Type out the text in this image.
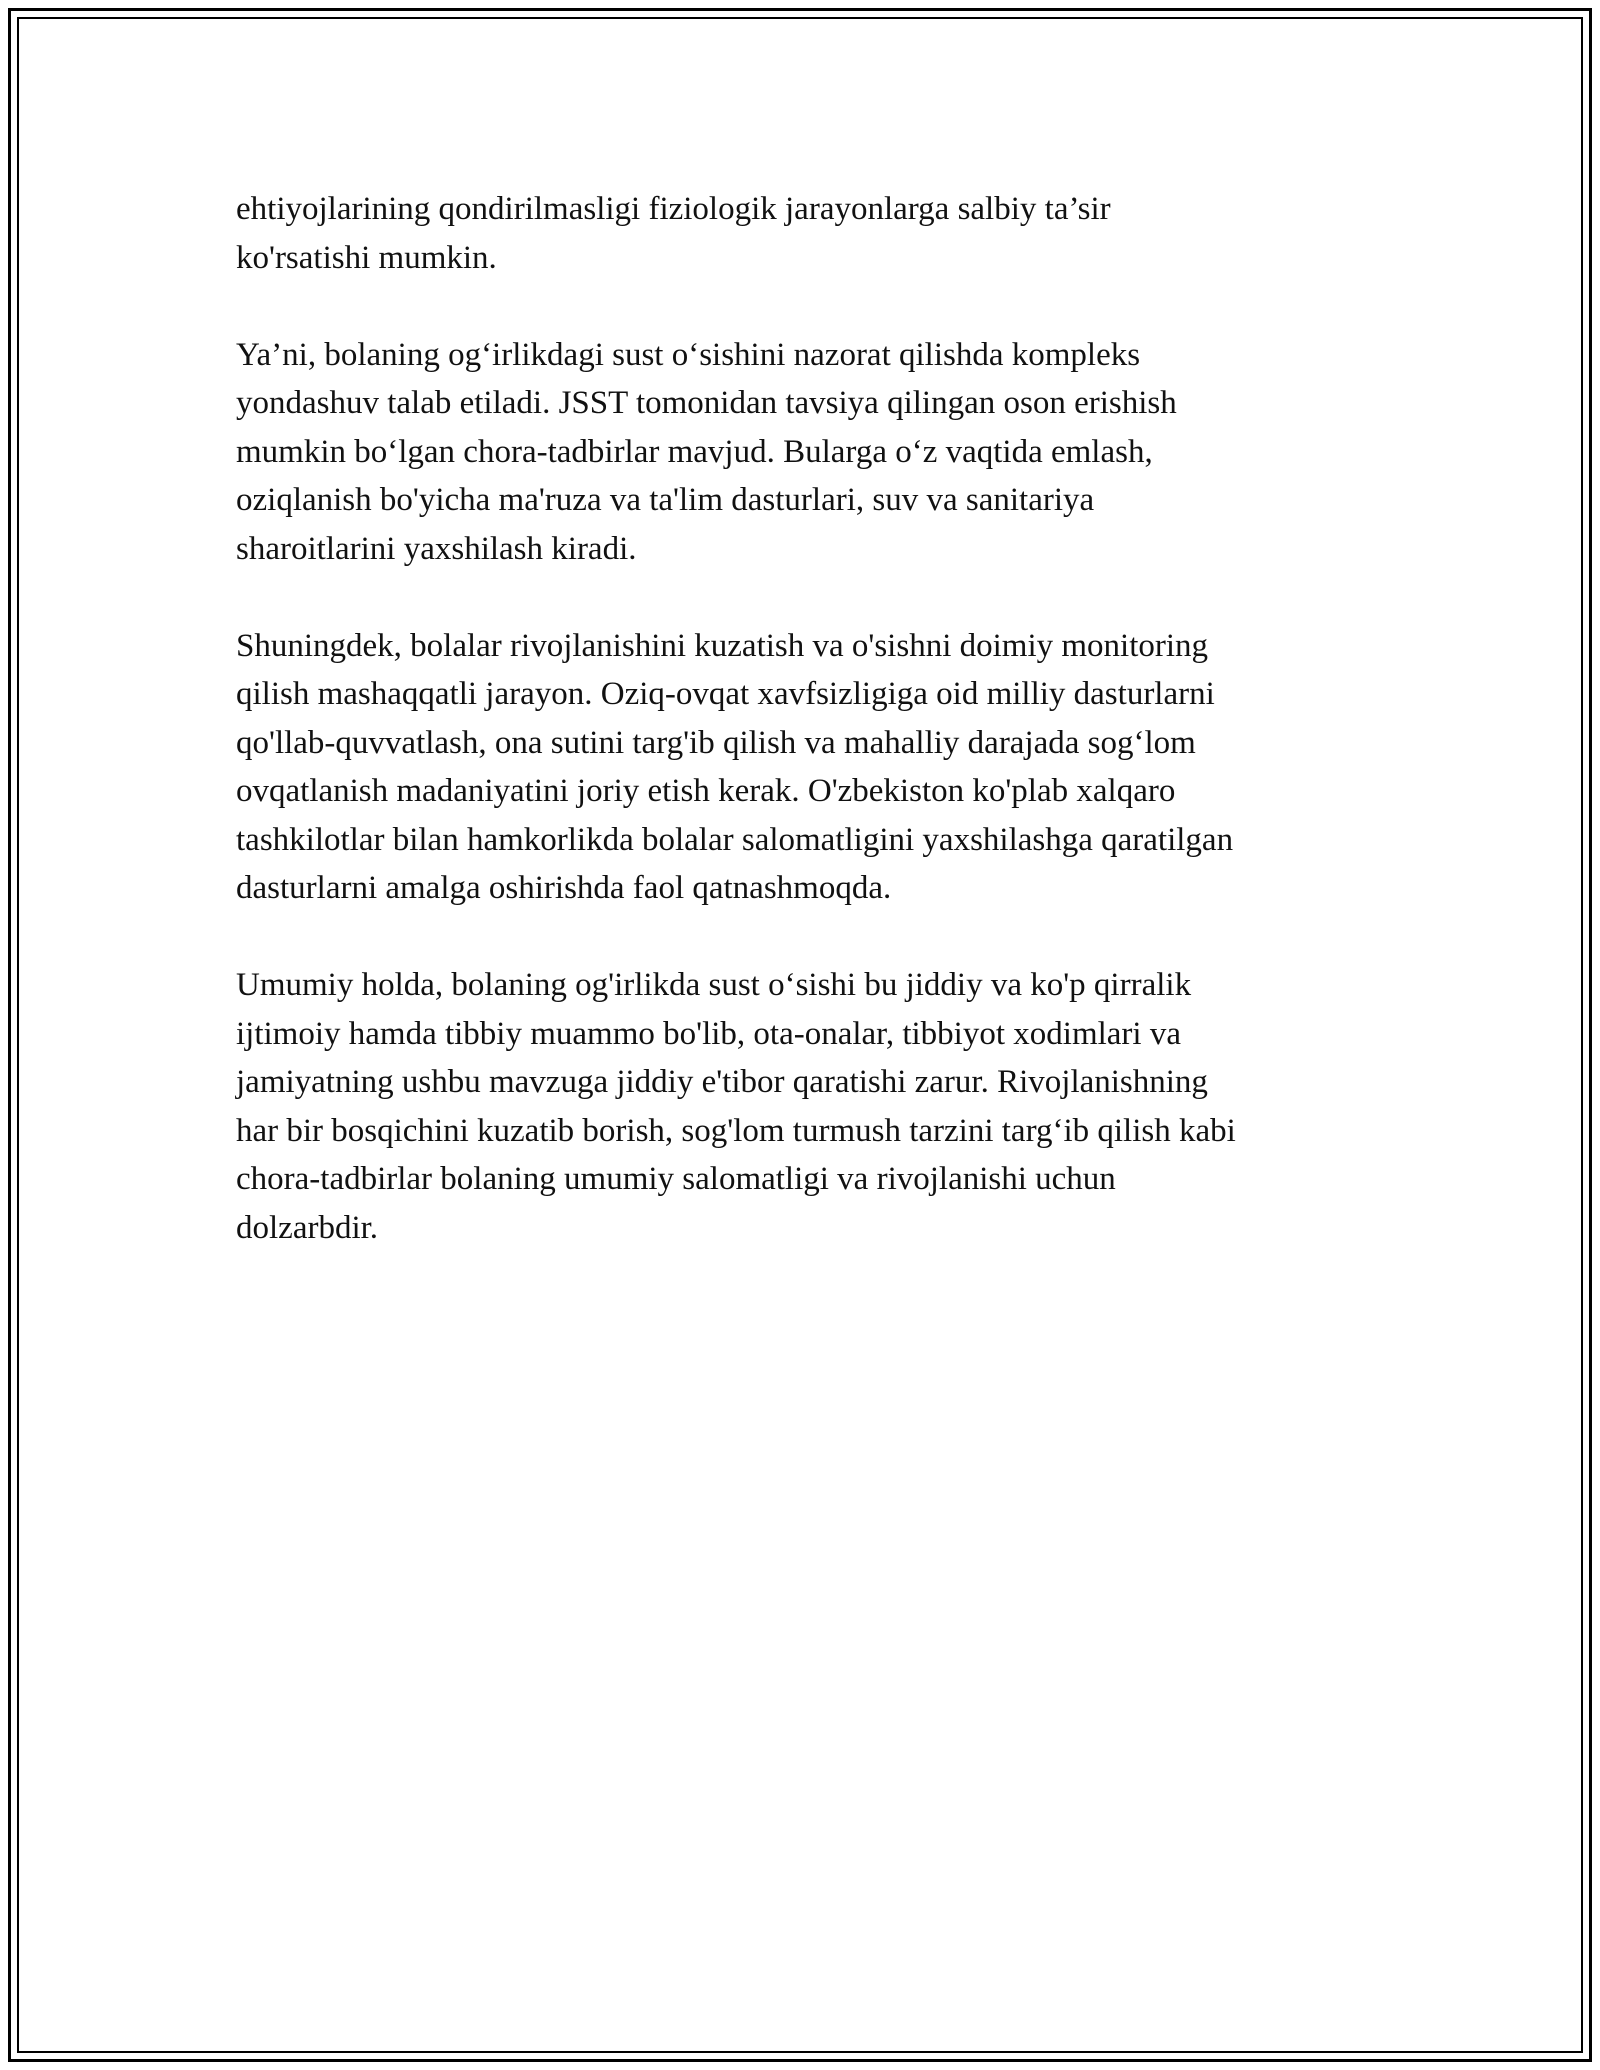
ehtiyojlarining qondirilmasligi fiziologik jarayonlarga salbiy ta’sir
ko'rsatishi mumkin.

Ya’ni, bolaning og‘irlikdagi sust o‘sishini nazorat qilishda kompleks
yondashuv talab etiladi. JSST tomonidan tavsiya qilingan oson erishish
mumkin bo‘lgan chora-tadbirlar mavjud. Bularga o‘z vaqtida emlash,
oziqlanish bo'yicha ma'ruza va ta'lim dasturlari, suv va sanitariya
sharoitlarini yaxshilash kiradi.

Shuningdek, bolalar rivojlanishini kuzatish va o'sishni doimiy monitoring
qilish mashaqqatli jarayon. Oziq-ovqat xavfsizligiga oid milliy dasturlarni
qo'llab-quvvatlash, ona sutini targ'ib qilish va mahalliy darajada sog‘lom
ovqatlanish madaniyatini joriy etish kerak. O'zbekiston ko'plab xalqaro
tashkilotlar bilan hamkorlikda bolalar salomatligini yaxshilashga qaratilgan
dasturlarni amalga oshirishda faol qatnashmoqda.

Umumiy holda, bolaning og'irlikda sust o‘sishi bu jiddiy va ko'p qirralik
ijtimoiy hamda tibbiy muammo bo'lib, ota-onalar, tibbiyot xodimlari va
jamiyatning ushbu mavzuga jiddiy e'tibor qaratishi zarur. Rivojlanishning
har bir bosqichini kuzatib borish, sog'lom turmush tarzini targ‘ib qilish kabi
chora-tadbirlar bolaning umumiy salomatligi va rivojlanishi uchun
dolzarbdir.
